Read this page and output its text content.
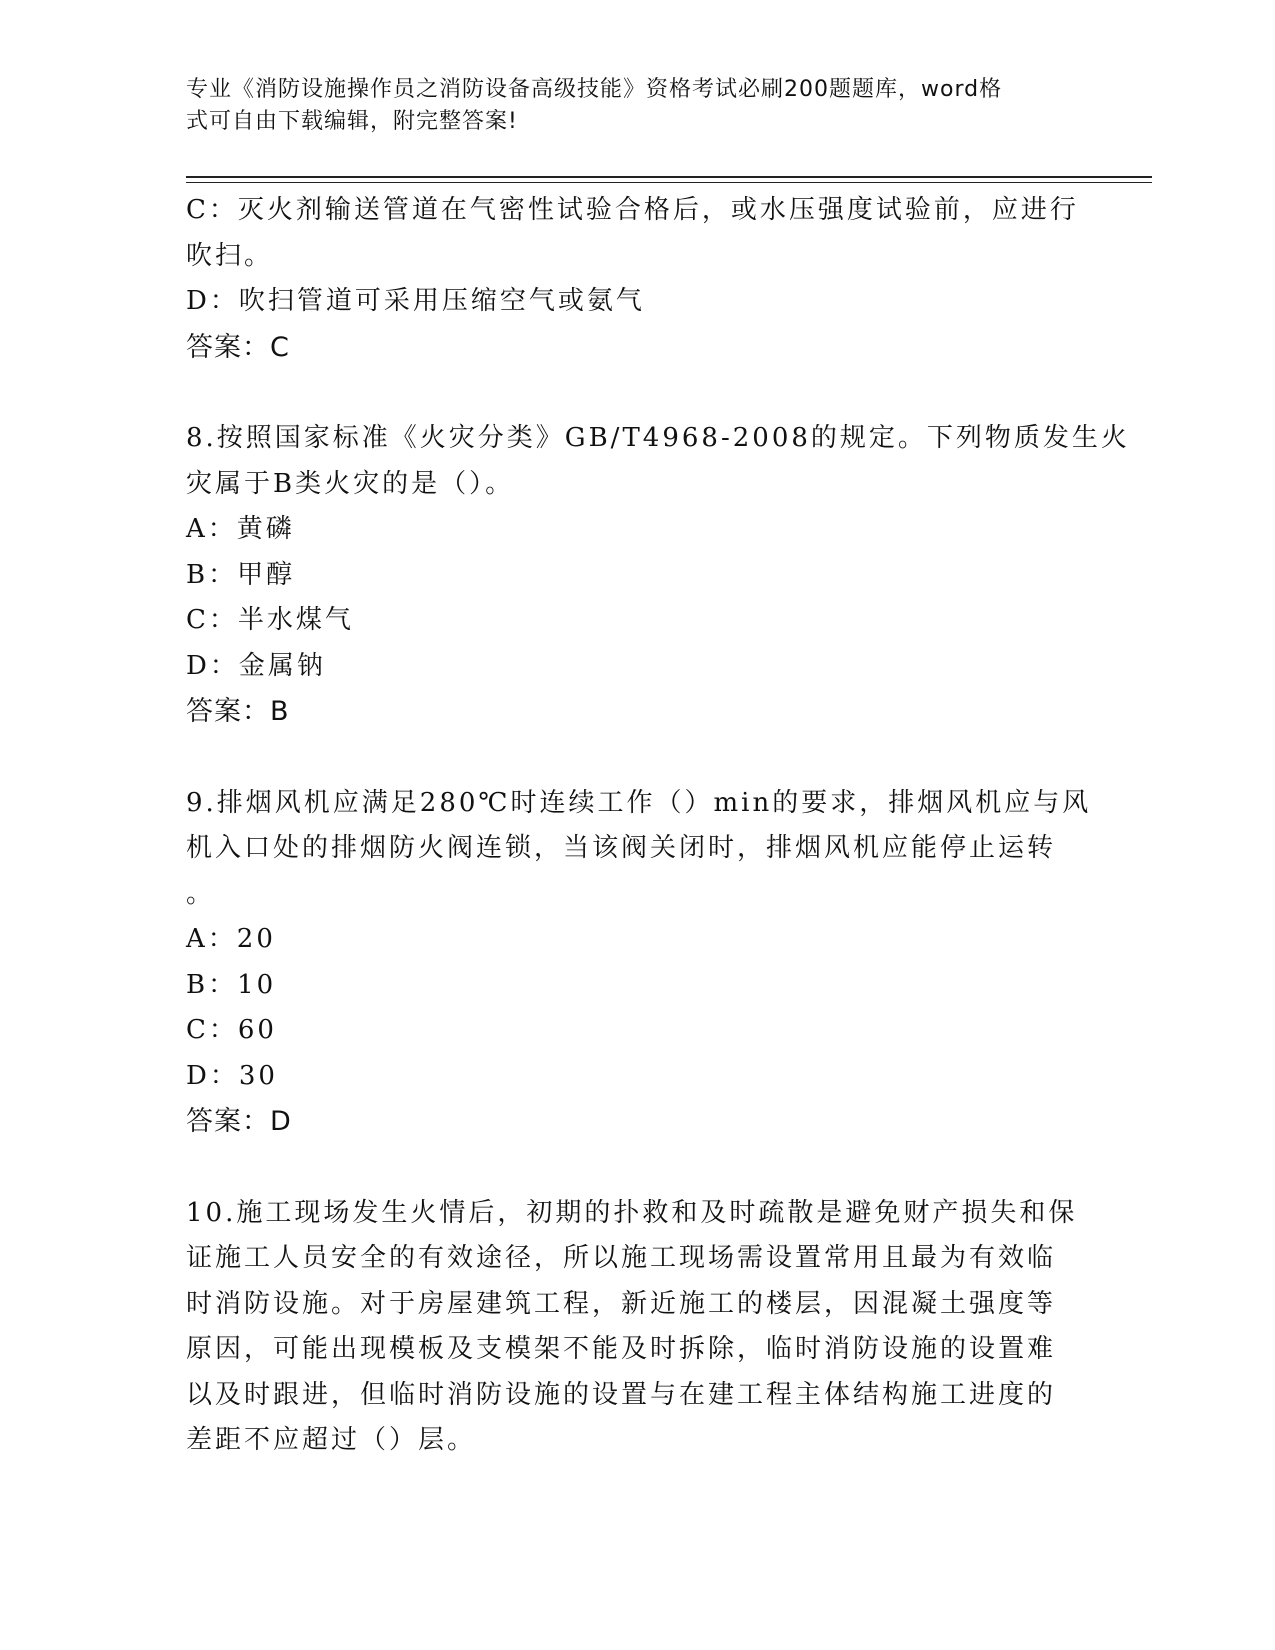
专业《消防设施操作员之消防设备高级技能》资格考试必刷200题题库，word格
式可自由下载编辑，附完整答案!
C：灭火剂输送管道在气密性试验合格后，或水压强度试验前，应进行
吹扫。
D：吹扫管道可采用压缩空气或氨气
答案：C
8.按照国家标准《火灾分类》GB/T4968-2008的规定。下列物质发生火
灾属于B类火灾的是（）。
A：黄磷
B：甲醇
C：半水煤气
D：金属钠
答案：B
9.排烟风机应满足280℃时连续工作（）min的要求，排烟风机应与风
机入口处的排烟防火阀连锁，当该阀关闭时，排烟风机应能停止运转
。
A：20
B：10
C：60
D：30
答案：D
10.施工现场发生火情后，初期的扑救和及时疏散是避免财产损失和保
证施工人员安全的有效途径，所以施工现场需设置常用且最为有效临
时消防设施。对于房屋建筑工程，新近施工的楼层，因混凝土强度等
原因，可能出现模板及支模架不能及时拆除，临时消防设施的设置难
以及时跟进，但临时消防设施的设置与在建工程主体结构施工进度的
差距不应超过（）层。
